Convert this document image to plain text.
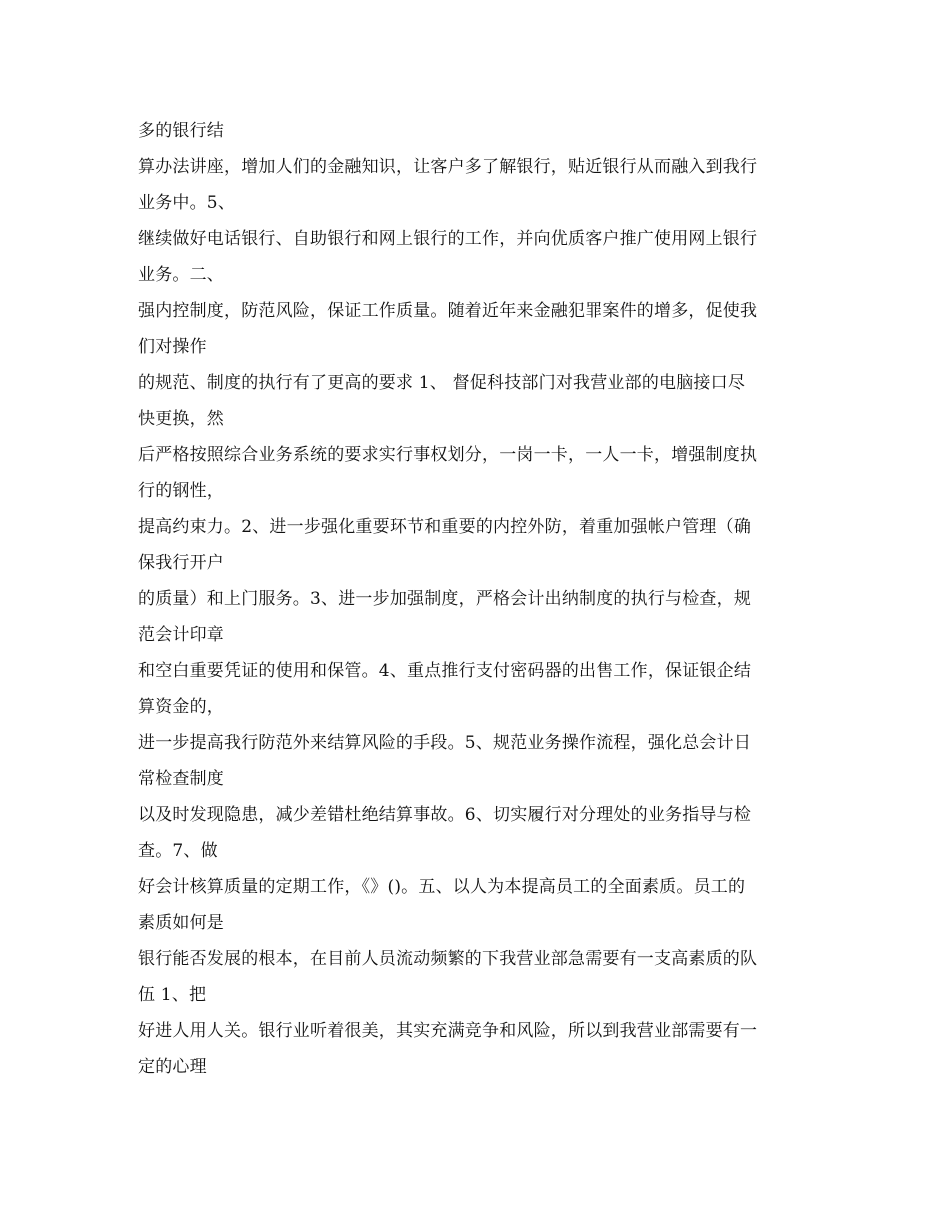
多的银行结
算办法讲座，增加人们的金融知识，让客户多了解银行，贴近银行从而融入到我行
业务中。5、
继续做好电话银行、自助银行和网上银行的工作，并向优质客户推广使用网上银行
业务。二、
强内控制度，防范风险，保证工作质量。随着近年来金融犯罪案件的增多，促使我
们对操作
的规范、制度的执行有了更高的要求 1、 督促科技部门对我营业部的电脑接口尽
快更换，然
后严格按照综合业务系统的要求实行事权划分，一岗一卡，一人一卡，增强制度执
行的钢性，
提高约束力。2、进一步强化重要环节和重要的内控外防，着重加强帐户管理（确
保我行开户
的质量）和上门服务。3、进一步加强制度，严格会计出纳制度的执行与检查，规
范会计印章
和空白重要凭证的使用和保管。4、重点推行支付密码器的出售工作，保证银企结
算资金的，
进一步提高我行防范外来结算风险的手段。5、规范业务操作流程，强化总会计日
常检查制度
以及时发现隐患，减少差错杜绝结算事故。6、切实履行对分理处的业务指导与检
查。7、做
好会计核算质量的定期工作，《》()。五、以人为本提高员工的全面素质。员工的
素质如何是
银行能否发展的根本，在目前人员流动频繁的下我营业部急需要有一支高素质的队
伍 1、把
好进人用人关。银行业听着很美，其实充满竞争和风险，所以到我营业部需要有一
定的心理
